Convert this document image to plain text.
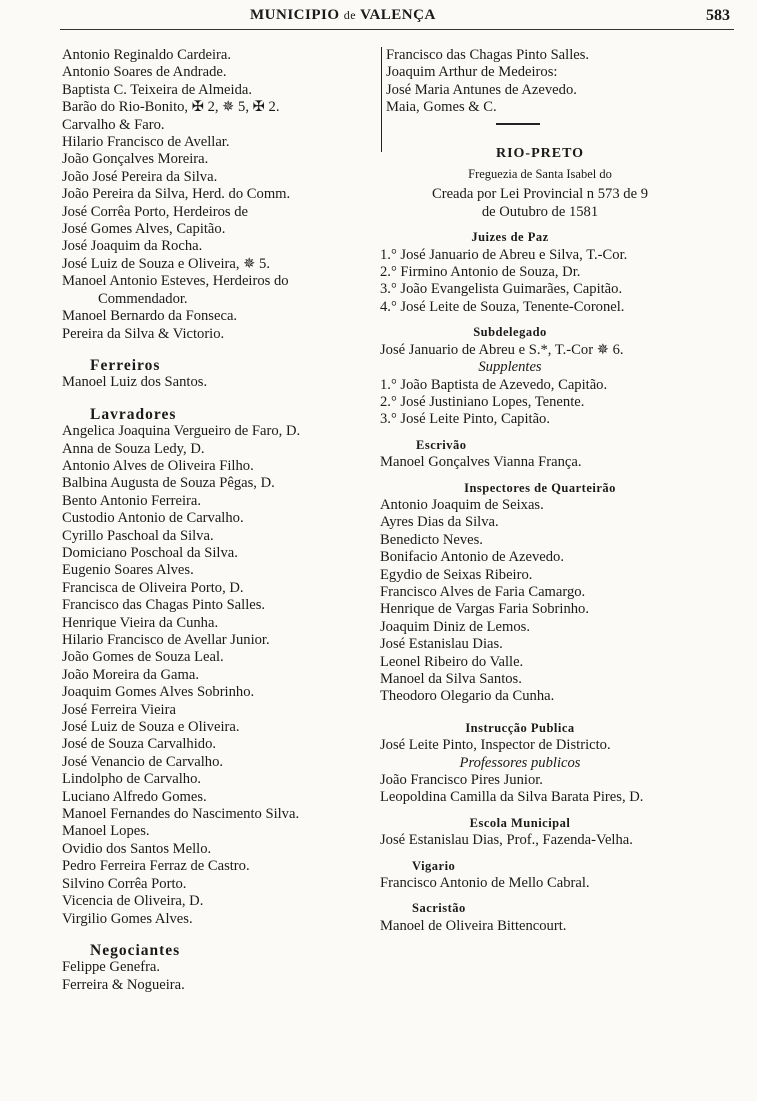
MUNICIPIO de VALENÇA	583
Antonio Reginaldo Cardeira.
Antonio Soares de Andrade.
Baptista C. Teixeira de Almeida.
Barão do Rio-Bonito, ✠ 2, ✵ 5, ✠ 2.
Carvalho & Faro.
Hilario Francisco de Avellar.
João Gonçalves Moreira.
João José Pereira da Silva.
João Pereira da Silva, Herd. do Comm.
José Corrêa Porto, Herdeiros de
José Gomes Alves, Capitão.
José Joaquim da Rocha.
José Luiz de Souza e Oliveira, ✵ 5.
Manoel Antonio Esteves, Herdeiros do
Commendador.
Manoel Bernardo da Fonseca.
Pereira da Silva & Victorio.
Ferreiros
Manoel Luiz dos Santos.
Lavradores
Angelica Joaquina Vergueiro de Faro, D.
Anna de Souza Ledy, D.
Antonio Alves de Oliveira Filho.
Balbina Augusta de Souza Pêgas, D.
Bento Antonio Ferreira.
Custodio Antonio de Carvalho.
Cyrillo Paschoal da Silva.
Domiciano Poschoal da Silva.
Eugenio Soares Alves.
Francisca de Oliveira Porto, D.
Francisco das Chagas Pinto Salles.
Henrique Vieira da Cunha.
Hilario Francisco de Avellar Junior.
João Gomes de Souza Leal.
João Moreira da Gama.
Joaquim Gomes Alves Sobrinho.
José Ferreira Vieira
José Luiz de Souza e Oliveira.
José de Souza Carvalhido.
José Venancio de Carvalho.
Lindolpho de Carvalho.
Luciano Alfredo Gomes.
Manoel Fernandes do Nascimento Silva.
Manoel Lopes.
Ovidio dos Santos Mello.
Pedro Ferreira Ferraz de Castro.
Silvino Corrêa Porto.
Vicencia de Oliveira, D.
Virgilio Gomes Alves.
Negociantes
Felippe Genefra.
Ferreira & Nogueira.
Francisco das Chagas Pinto Salles.
Joaquim Arthur de Medeiros:
José Maria Antunes de Azevedo.
Maia, Gomes & C.
RIO-PRETO
Freguezia de Santa Isabel do
Creada por Lei Provincial n 573 de 9
de Outubro de 1581
Juizes de Paz
1.° José Januario de Abreu e Silva, T.-Cor.
2.° Firmino Antonio de Souza, Dr.
3.° João Evangelista Guimarães, Capitão.
4.° José Leite de Souza, Tenente-Coronel.
Subdelegado
José Januario de Abreu e S.*, T.-Cor ✵ 6.
Supplentes
1.° João Baptista de Azevedo, Capitão.
2.° José Justiniano Lopes, Tenente.
3.° José Leite Pinto, Capitão.
Escrivão
Manoel Gonçalves Vianna França.
Inspectores de Quarteirão
Antonio Joaquim de Seixas.
Ayres Dias da Silva.
Benedicto Neves.
Bonifacio Antonio de Azevedo.
Egydio de Seixas Ribeiro.
Francisco Alves de Faria Camargo.
Henrique de Vargas Faria Sobrinho.
Joaquim Diniz de Lemos.
José Estanislau Dias.
Leonel Ribeiro do Valle.
Manoel da Silva Santos.
Theodoro Olegario da Cunha.
Instrucção Publica
José Leite Pinto, Inspector de Districto.
Professores publicos
João Francisco Pires Junior.
Leopoldina Camilla da Silva Barata Pires, D.
Escola Municipal
José Estanislau Dias, Prof., Fazenda-Velha.
Vigario
Francisco Antonio de Mello Cabral.
Sacristão
Manoel de Oliveira Bittencourt.
